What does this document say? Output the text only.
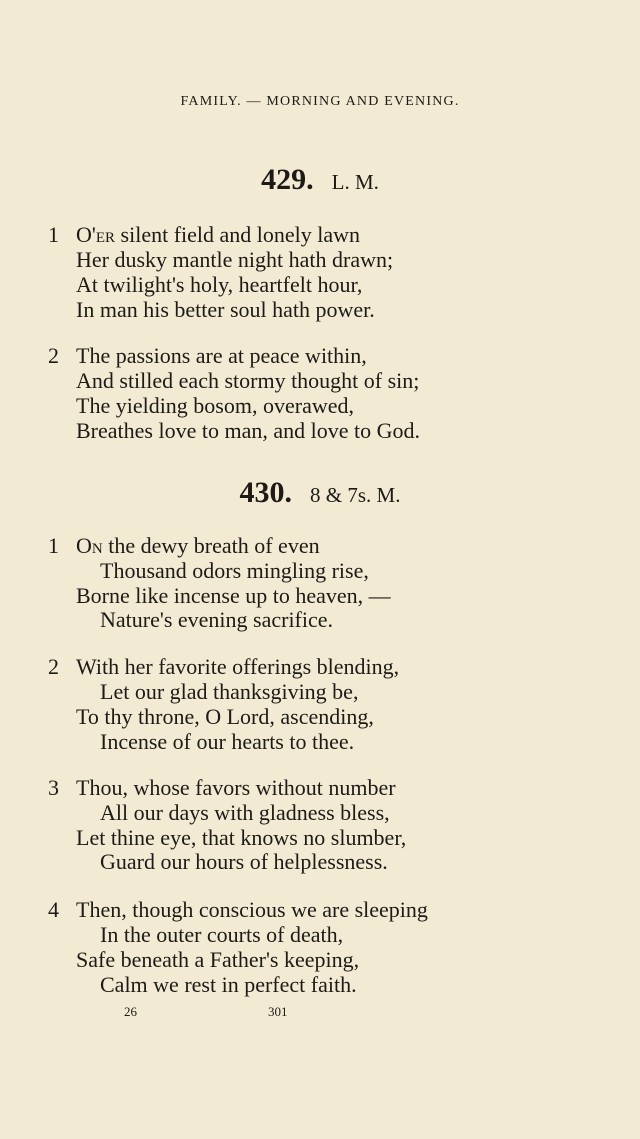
FAMILY. — MORNING AND EVENING.
429. L. M.
1 O'er silent field and lonely lawn
Her dusky mantle night hath drawn;
At twilight's holy, heartfelt hour,
In man his better soul hath power.
2 The passions are at peace within,
And stilled each stormy thought of sin;
The yielding bosom, overawed,
Breathes love to man, and love to God.
430. 8 & 7s. M.
1 On the dewy breath of even
Thousand odors mingling rise,
Borne like incense up to heaven, —
Nature's evening sacrifice.
2 With her favorite offerings blending,
Let our glad thanksgiving be,
To thy throne, O Lord, ascending,
Incense of our hearts to thee.
3 Thou, whose favors without number
All our days with gladness bless,
Let thine eye, that knows no slumber,
Guard our hours of helplessness.
4 Then, though conscious we are sleeping
In the outer courts of death,
Safe beneath a Father's keeping,
Calm we rest in perfect faith.
26	301
